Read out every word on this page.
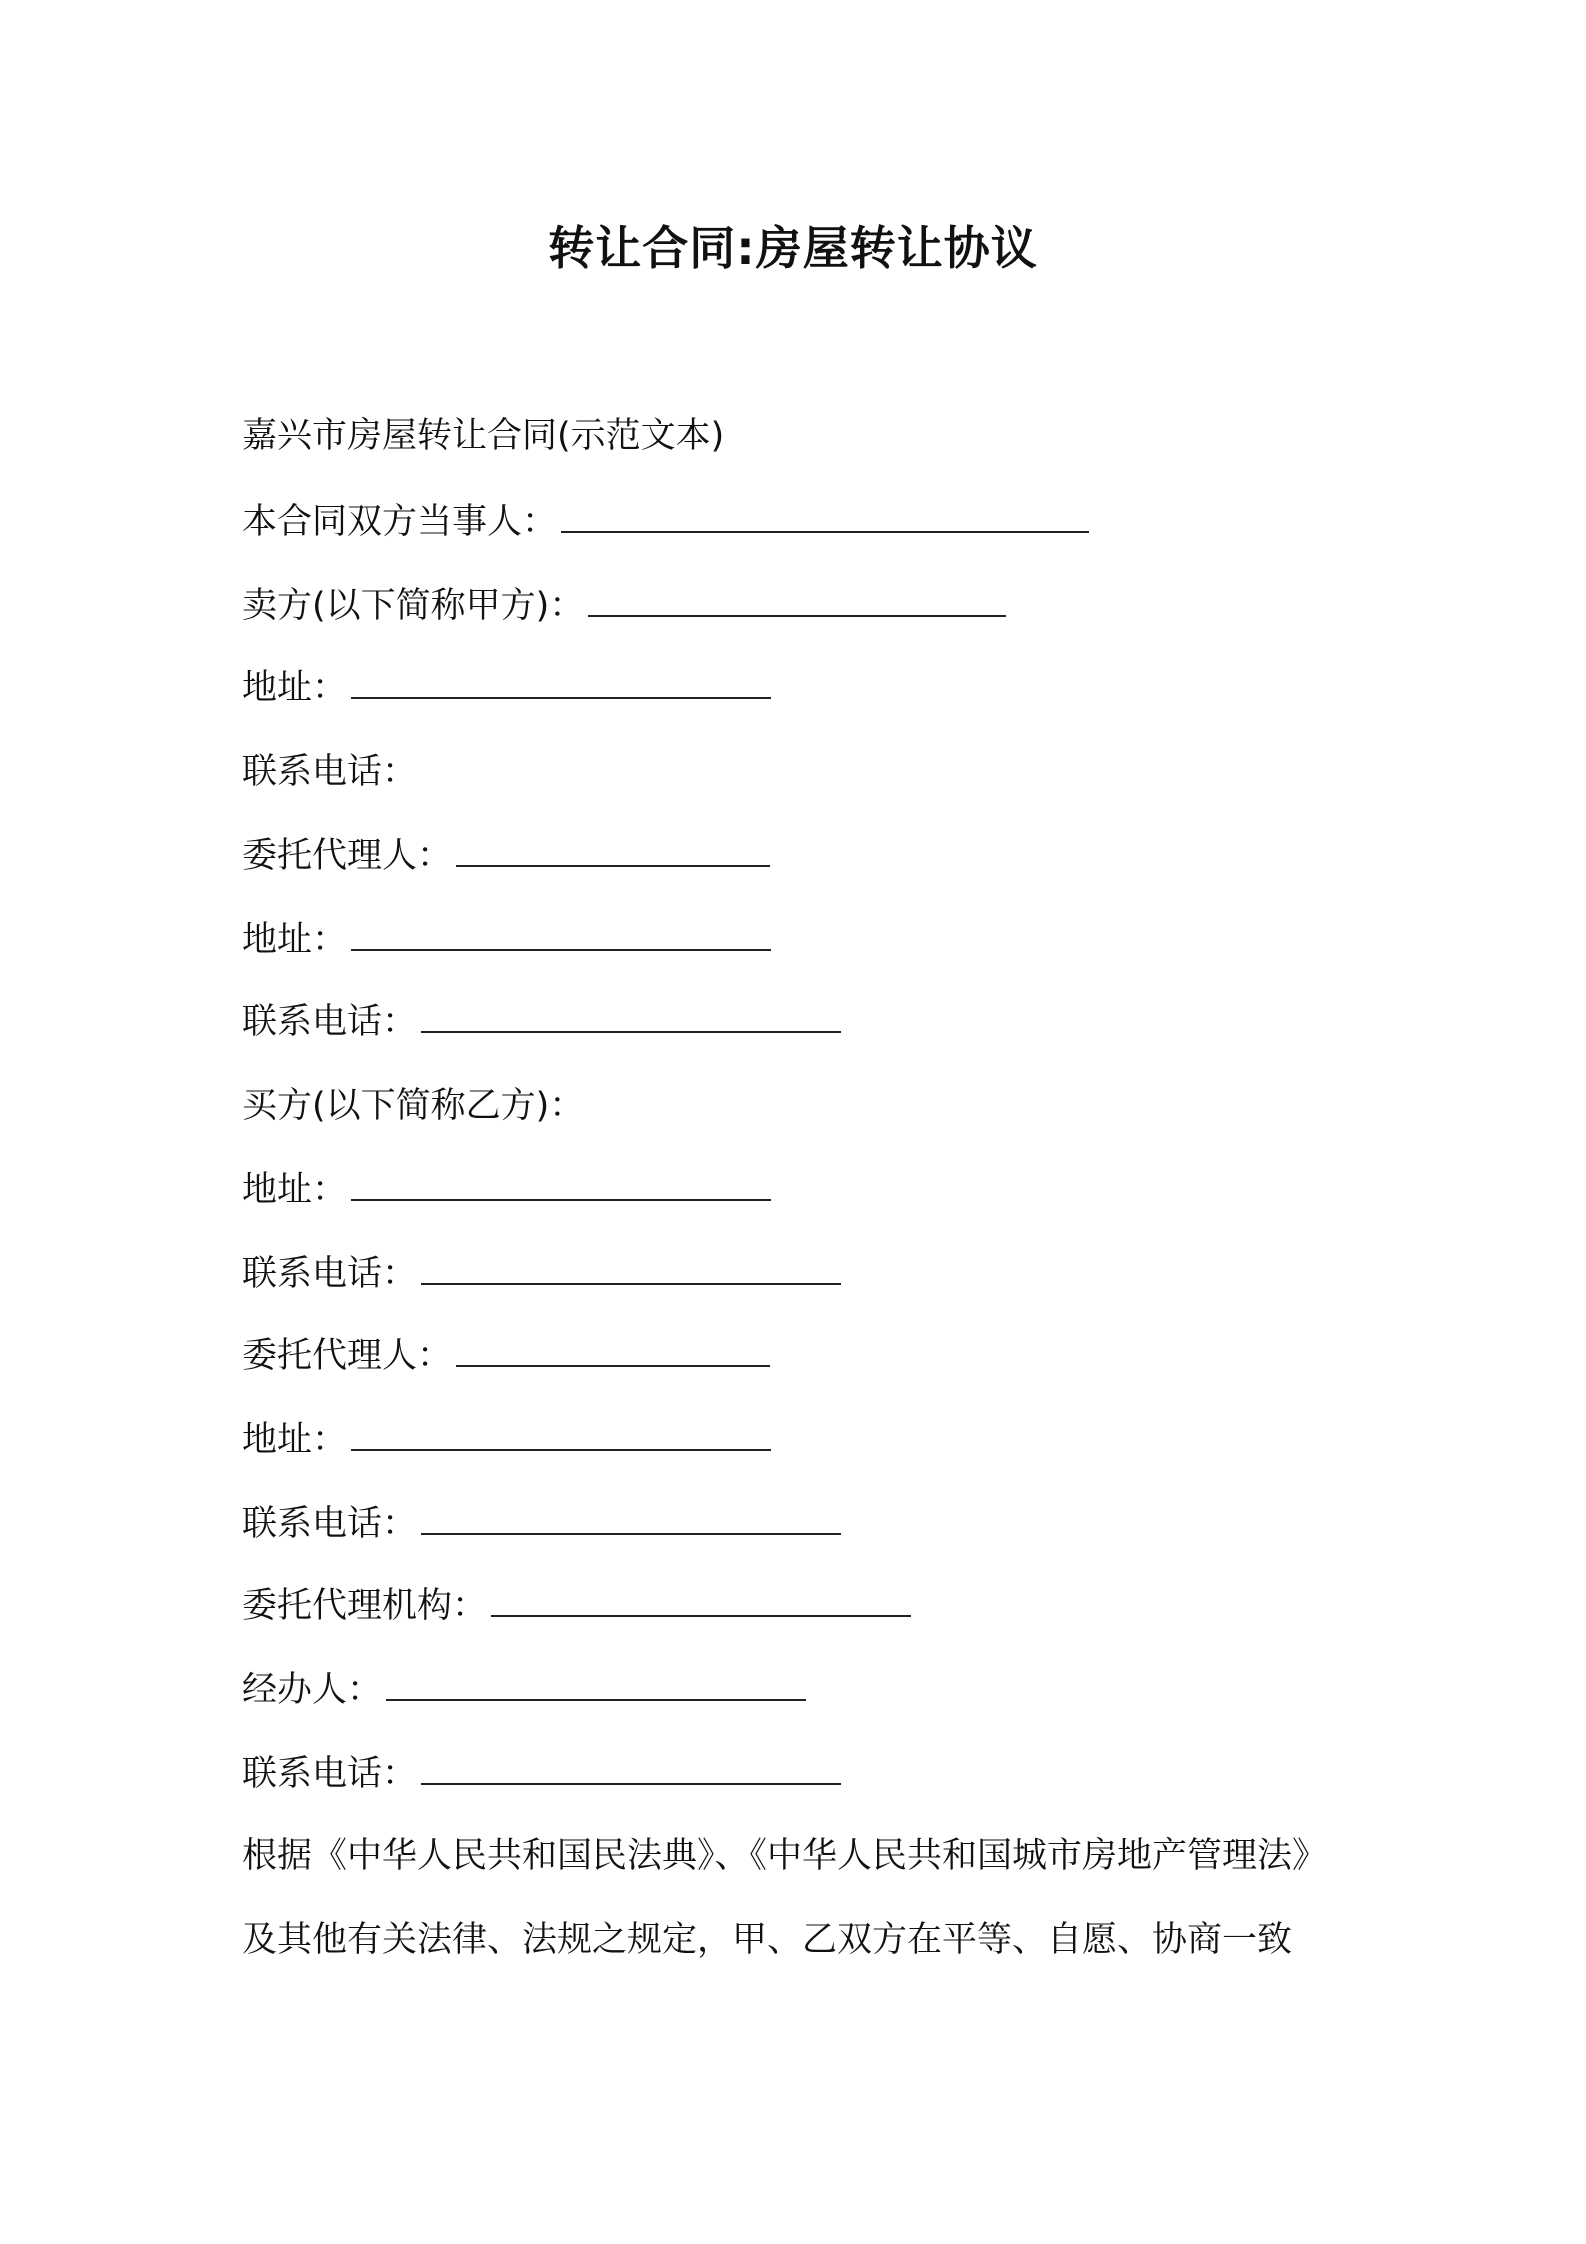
转让合同:房屋转让协议
嘉兴市房屋转让合同(示范文本)
本合同双方当事人：
卖方(以下简称甲方)：
地址：
联系电话：
委托代理人：
地址：
联系电话：
买方(以下简称乙方)：
地址：
联系电话：
委托代理人：
地址：
联系电话：
委托代理机构：
经办人：
联系电话：
根据《中华人民共和国民法典》、《中华人民共和国城市房地产管理法》
及其他有关法律、法规之规定，甲、乙双方在平等、自愿、协商一致
